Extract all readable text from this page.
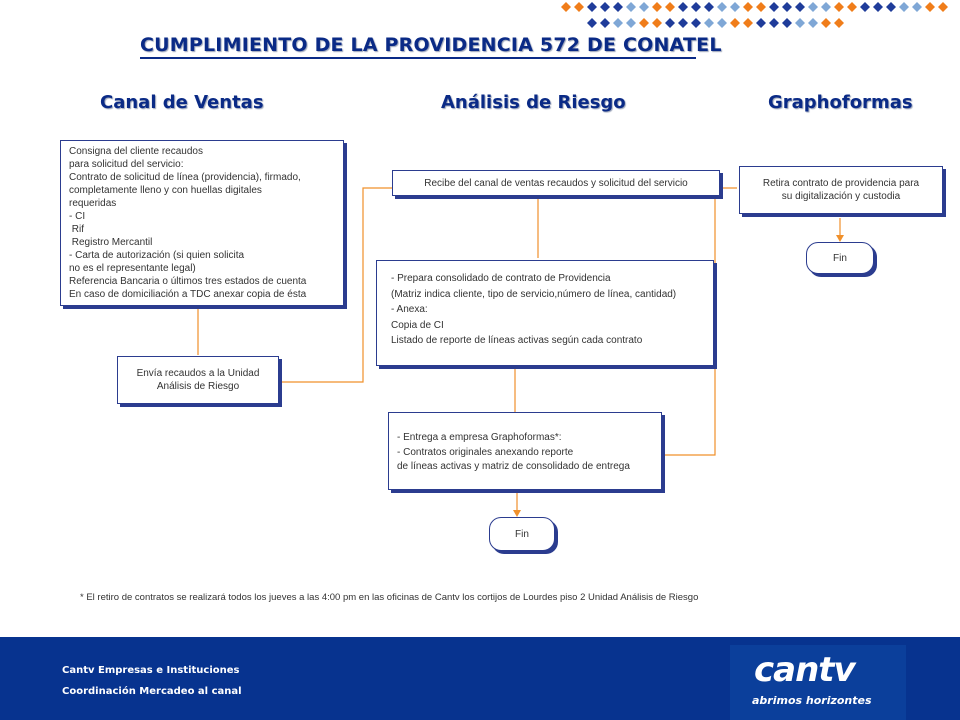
CUMPLIMIENTO DE LA PROVIDENCIA 572 DE CONATEL
Canal de Ventas	Análisis de Riesgo	Graphoformas
Consigna del cliente recaudos
para solicitud del servicio:
Contrato de solicitud de línea (providencia), firmado,
completamente lleno y con huellas digitales
requeridas
- CI
Rif
Registro Mercantil
- Carta de autorización (si quien solicita
no es el representante legal)
Referencia Bancaria o últimos tres estados de cuenta
En caso de domiciliación a TDC anexar copia de ésta
Envía recaudos a la Unidad
Análisis de Riesgo
Recibe del canal de ventas recaudos y solicitud del servicio
- Prepara consolidado de contrato de Providencia
(Matriz indica cliente, tipo de servicio,número de línea, cantidad)
- Anexa:
Copia de CI
Listado de reporte de líneas activas según cada contrato
- Entrega a empresa Graphoformas*:
- Contratos originales anexando reporte
de líneas activas y matriz de consolidado de entrega
Fin
Retira contrato de providencia para
su digitalización y custodia
Fin
* El retiro de contratos se realizará todos los jueves a las 4:00 pm en las oficinas de Cantv los cortijos de Lourdes piso 2 Unidad Análisis de Riesgo
Cantv Empresas e Instituciones
Coordinación Mercadeo al canal
cantv
abrimos horizontes
